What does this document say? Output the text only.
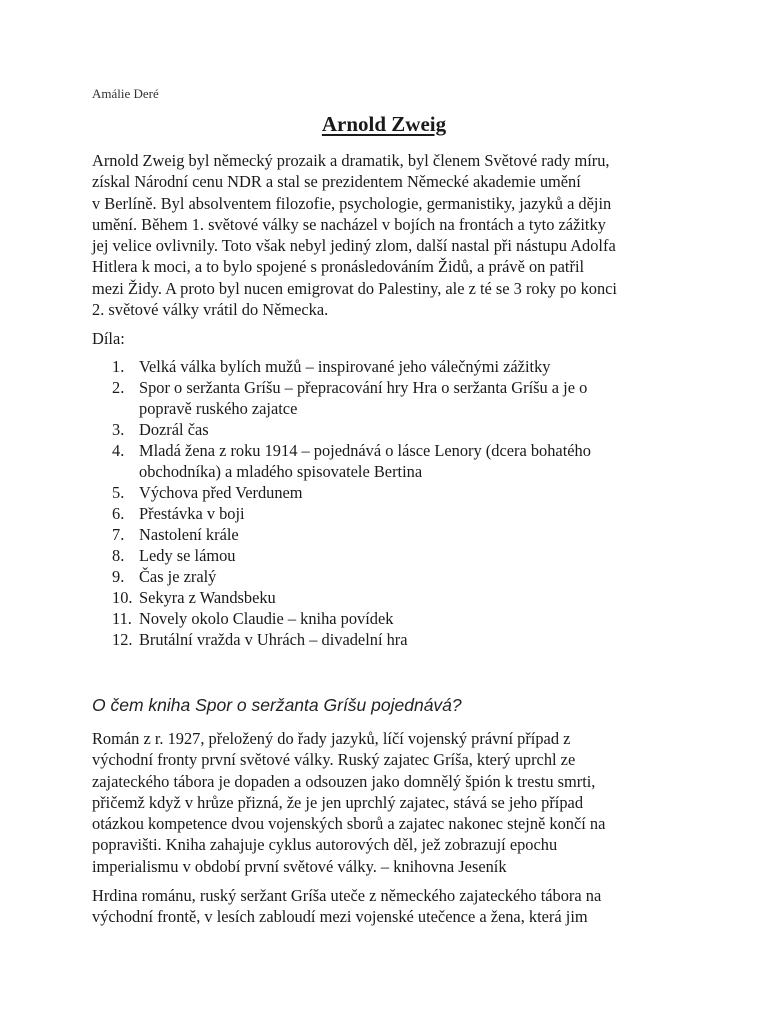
Amálie Deré
Arnold Zweig
Arnold Zweig byl německý prozaik a dramatik, byl členem Světové rady míru,
získal Národní cenu NDR a stal se prezidentem Německé akademie umění
v Berlíně. Byl absolventem filozofie, psychologie, germanistiky, jazyků a dějin
umění. Během 1. světové války se nacházel v bojích na frontách a tyto zážitky
jej velice ovlivnily. Toto však nebyl jediný zlom, další nastal při nástupu Adolfa
Hitlera k moci, a to bylo spojené s pronásledováním Židů, a právě on patřil
mezi Židy. A proto byl nucen emigrovat do Palestiny, ale z té se 3 roky po konci
2. světové války vrátil do Německa.
Díla:
1. Velká válka bylích mužů – inspirované jeho válečnými zážitky
2. Spor o seržanta Gríšu – přepracování hry Hra o seržanta Gríšu a je o
popravě ruského zajatce
3. Dozrál čas
4. Mladá žena z roku 1914 – pojednává o lásce Lenory (dcera bohatého
obchodníka) a mladého spisovatele Bertina
5. Výchova před Verdunem
6. Přestávka v boji
7. Nastolení krále
8. Ledy se lámou
9. Čas je zralý
10. Sekyra z Wandsbeku
11. Novely okolo Claudie – kniha povídek
12. Brutální vražda v Uhrách – divadelní hra
O čem kniha Spor o seržanta Gríšu pojednává?
Román z r. 1927, přeložený do řady jazyků, líčí vojenský právní případ z
východní fronty první světové války. Ruský zajatec Gríša, který uprchl ze
zajateckého tábora je dopaden a odsouzen jako domnělý špión k trestu smrti,
přičemž když v hrůze přizná, že je jen uprchlý zajatec, stává se jeho případ
otázkou kompetence dvou vojenských sborů a zajatec nakonec stejně končí na
popravišti. Kniha zahajuje cyklus autorových děl, jež zobrazují epochu
imperialismu v období první světové války. – knihovna Jeseník
Hrdina románu, ruský seržant Gríša uteče z německého zajateckého tábora na
východní frontě, v lesích zabloudí mezi vojenské utečence a žena, která jim
